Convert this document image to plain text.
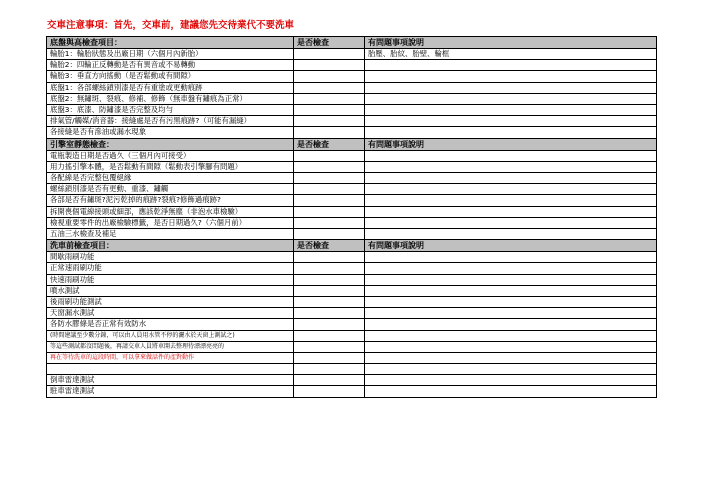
交車注意事項：首先，交車前，建議您先交待業代不要洗車
底盤與高檢查項目：	是否檢查	有問題事項說明
輪胎1：輪胎狀態及出廠日期（六個月內新胎）		胎壓、胎紋、胎壁、輪框
輪胎2：四輪正反轉動是否有異音或不易轉動		
輪胎3：垂直方向搖動（是否鬆動或有間隙）		
底盤1：各部螺絲鎖別漆是否有重塗或更動痕跡		
底盤2：無鏽斑、裂痕、修補、修飾（無車盤有鏽痕為正常）		
底盤3：底漆、防鏽漆是否完整及均勻		
排氣管/觸媒/消音器：接縫處是否有污黑痕跡?（可能有漏縫）		
各接縫是否有滲油或漏水現象		
引擎室靜態檢查：	是否檢查	有問題事項說明
電瓶製造日期是否過久（三個月內可接受）		
用力搖引擎本體，是否鬆動有間隙（鬆動表引擎腳有問題）		
各配線是否完整包覆絕緣		
螺絲鎖別漆是否有更動、重漆、鏽觸		
各部是否有鏽斑?泥污乾掉的痕跡?裂痕?修飾過痕跡?		
拆開喪個電線接頭或細部，應該乾淨無塵（非泡水車檢驗）		
檢視重要零件的出廠檢驗標籤，是否日期過久?（六個月前）		
五油三水檢查及補足		
洗車前檢查項目：	是否檢查	有問題事項說明
間歇雨刷功能		
正常速雨刷功能		
快速雨刷功能		
噴水測試		
後雨刷功能測試		
天窗漏水測試		
各防水膠條是否正常有效防水		
(時間建議至少數分鐘，可以由人員用水管不停的灑水於天窗上測試之)		
等這些測試都沒問題後，再請交車人員將車開去整理待漂漂亮亮的		
再在等待洗車的這段時間，可以拿來做話件的產對動作		

倒車雷達測試		
駐車雷達測試		
